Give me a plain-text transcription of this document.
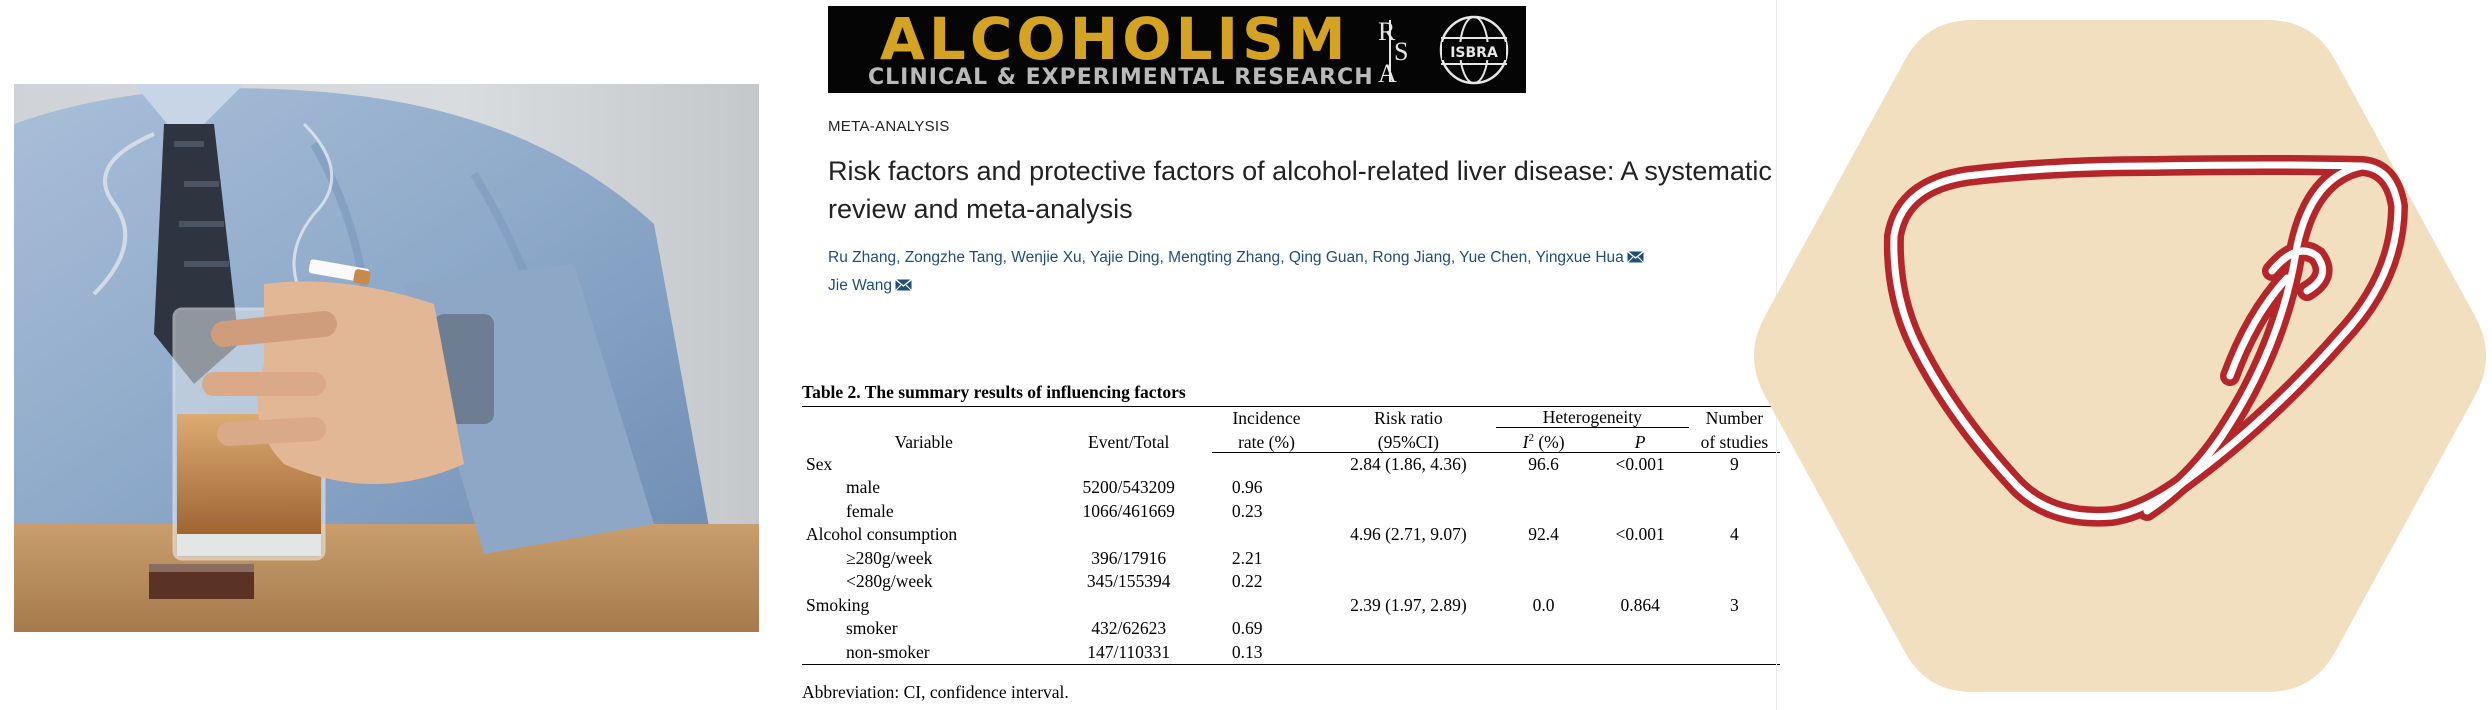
ALCOHOLISM
CLINICAL & EXPERIMENTAL RESEARCH
R
S
A
ISBRA
META-ANALYSIS
Risk factors and protective factors of alcohol-related liver disease: A systematic review and meta-analysis
Ru Zhang, Zongzhe Tang, Wenjie Xu, Yajie Ding, Mengting Zhang, Qing Guan, Rong Jiang, Yue Chen, Yingxue Hua
Jie Wang
Table 2. The summary results of influencing factors
Variable	Event/Total	Incidence	Risk ratio	Heterogeneity		Number
		rate (%)	(95%CI)	$I^2$ (%)	P	of studies
Sex			2.84 (1.86, 4.36)	96.6	<0.001	9
male	5200/543209	0.96				
female	1066/461669	0.23				
Alcohol consumption			4.96 (2.71, 9.07)	92.4	<0.001	4
≥280g/week	396/17916	2.21				
<280g/week	345/155394	0.22				
Smoking			2.39 (1.97, 2.89)	0.0	0.864	3
smoker	432/62623	0.69				
non-smoker	147/110331	0.13				
Abbreviation: CI, confidence interval.
